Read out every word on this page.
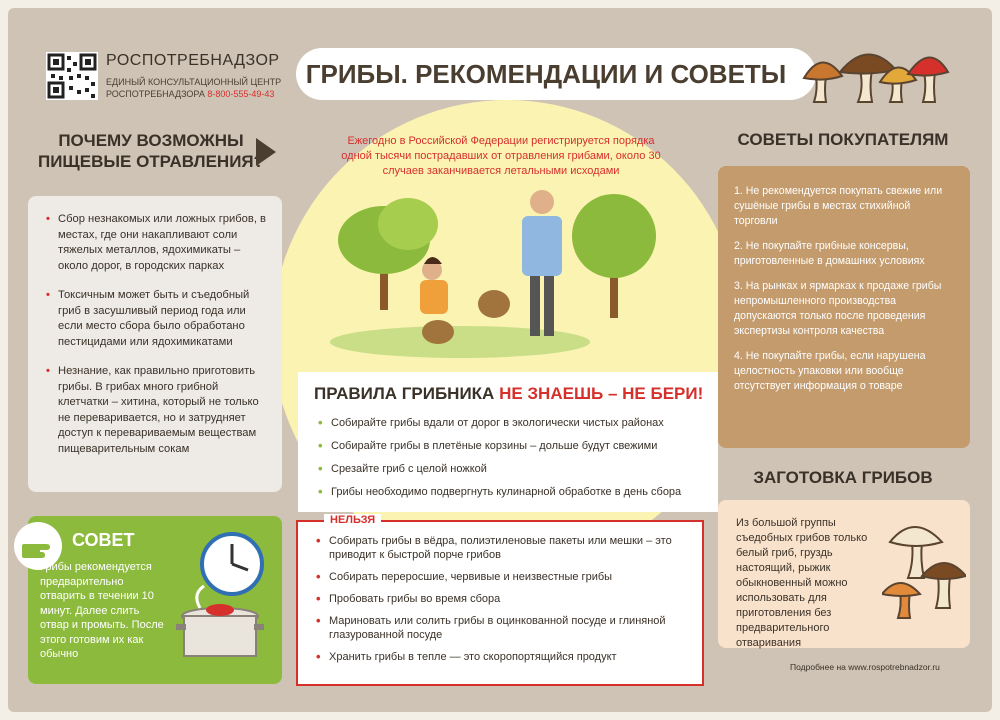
РОСПОТРЕБНАДЗОР
ЕДИНЫЙ КОНСУЛЬТАЦИОННЫЙ ЦЕНТР
РОСПОТРЕБНАДЗОРА 8-800-555-49-43
ГРИБЫ. РЕКОМЕНДАЦИИ И СОВЕТЫ
ПОЧЕМУ ВОЗМОЖНЫ ПИЩЕВЫЕ ОТРАВЛЕНИЯ?
• Сбор незнакомых или ложных грибов, в местах, где они накапливают соли тяжелых металлов, ядохимикаты – около дорог, в городских парках
• Токсичным может быть и съедобный гриб в засушливый период года или если место сбора было обработано пестицидами или ядохимикатами
• Незнание, как правильно приготовить грибы. В грибах много грибной клетчатки – хитина, который не только не переваривается, но и затрудняет доступ к перевариваемым веществам пищеварительным сокам
СОВЕТ
Грибы рекомендуется предварительно отварить в течении 10 минут. Далее слить отвар и промыть. После этого готовим их как обычно
Ежегодно в Российской Федерации регистрируется порядка одной тысячи пострадавших от отравления грибами, около 30 случаев заканчивается летальными исходами
ПРАВИЛА ГРИБНИКА НЕ ЗНАЕШЬ – НЕ БЕРИ!
• Собирайте грибы вдали от дорог в экологически чистых районах
• Собирайте грибы в плетёные корзины – дольше будут свежими
• Срезайте гриб с целой ножкой
• Грибы необходимо подвергнуть кулинарной обработке в день сбора
НЕЛЬЗЯ
• Собирать грибы в вёдра, полиэтиленовые пакеты или мешки – это приводит к быстрой порче грибов
• Собирать переросшие, червивые и неизвестные грибы
• Пробовать грибы во время сбора
• Мариновать или солить грибы в оцинкованной посуде и глиняной глазурованной посуде
• Хранить грибы в тепле — это скоропортящийся продукт
СОВЕТЫ ПОКУПАТЕЛЯМ
1. Не рекомендуется покупать свежие или сушёные грибы в местах стихийной торговли
2. Не покупайте грибные консервы, приготовленные в домашних условиях
3. На рынках и ярмарках к продаже грибы непромышленного производства допускаются только после проведения экспертизы контроля качества
4. Не покупайте грибы, если нарушена целостность упаковки или вообще отсутствует информация о товаре
ЗАГОТОВКА ГРИБОВ
Из большой группы съедобных грибов только белый гриб, груздь настоящий, рыжик обыкновенный можно использовать для приготовления без предварительного отваривания
Подробнее на www.rospotrebnadzor.ru
